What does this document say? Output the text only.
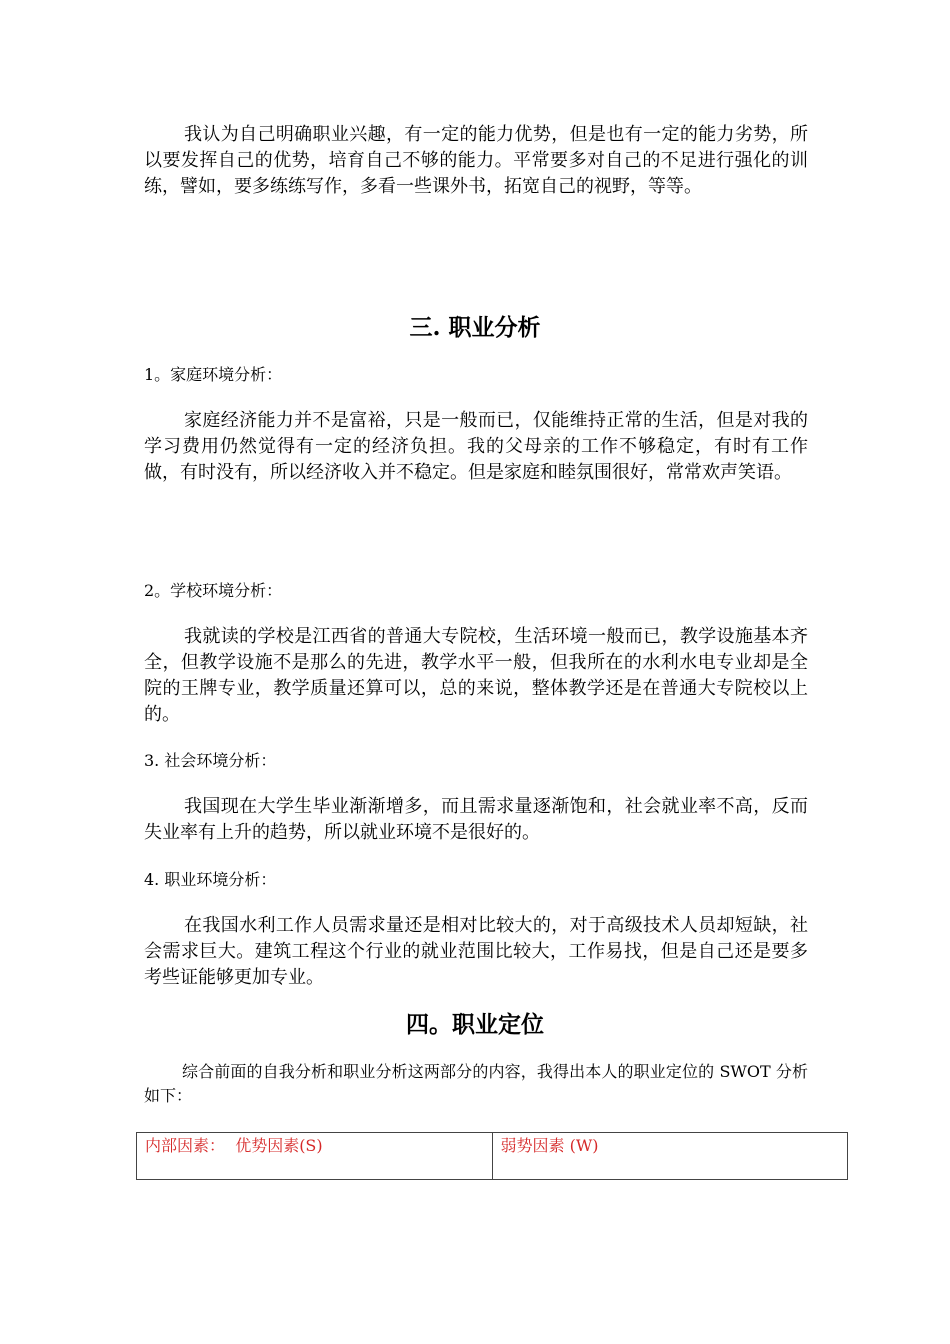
我认为自己明确职业兴趣，有一定的能力优势，但是也有一定的能力劣势，所以要发挥自己的优势，培育自己不够的能力。平常要多对自己的不足进行强化的训练，譬如，要多练练写作，多看一些课外书，拓宽自己的视野，等等。

三. 职业分析

1。家庭环境分析：

家庭经济能力并不是富裕，只是一般而已，仅能维持正常的生活，但是对我的学习费用仍然觉得有一定的经济负担。我的父母亲的工作不够稳定，有时有工作做，有时没有，所以经济收入并不稳定。但是家庭和睦氛围很好，常常欢声笑语。

2。学校环境分析：

我就读的学校是江西省的普通大专院校，生活环境一般而已，教学设施基本齐全，但教学设施不是那么的先进，教学水平一般，但我所在的水利水电专业却是全院的王牌专业，教学质量还算可以，总的来说，整体教学还是在普通大专院校以上的。

3. 社会环境分析：

我国现在大学生毕业渐渐增多，而且需求量逐渐饱和，社会就业率不高，反而失业率有上升的趋势，所以就业环境不是很好的。

4. 职业环境分析：

在我国水利工作人员需求量还是相对比较大的，对于高级技术人员却短缺，社会需求巨大。建筑工程这个行业的就业范围比较大，工作易找，但是自己还是要多考些证能够更加专业。

四。职业定位

综合前面的自我分析和职业分析这两部分的内容，我得出本人的职业定位的 SWOT 分析如下：

内部因素： 优势因素(S)	弱势因素 (W)
